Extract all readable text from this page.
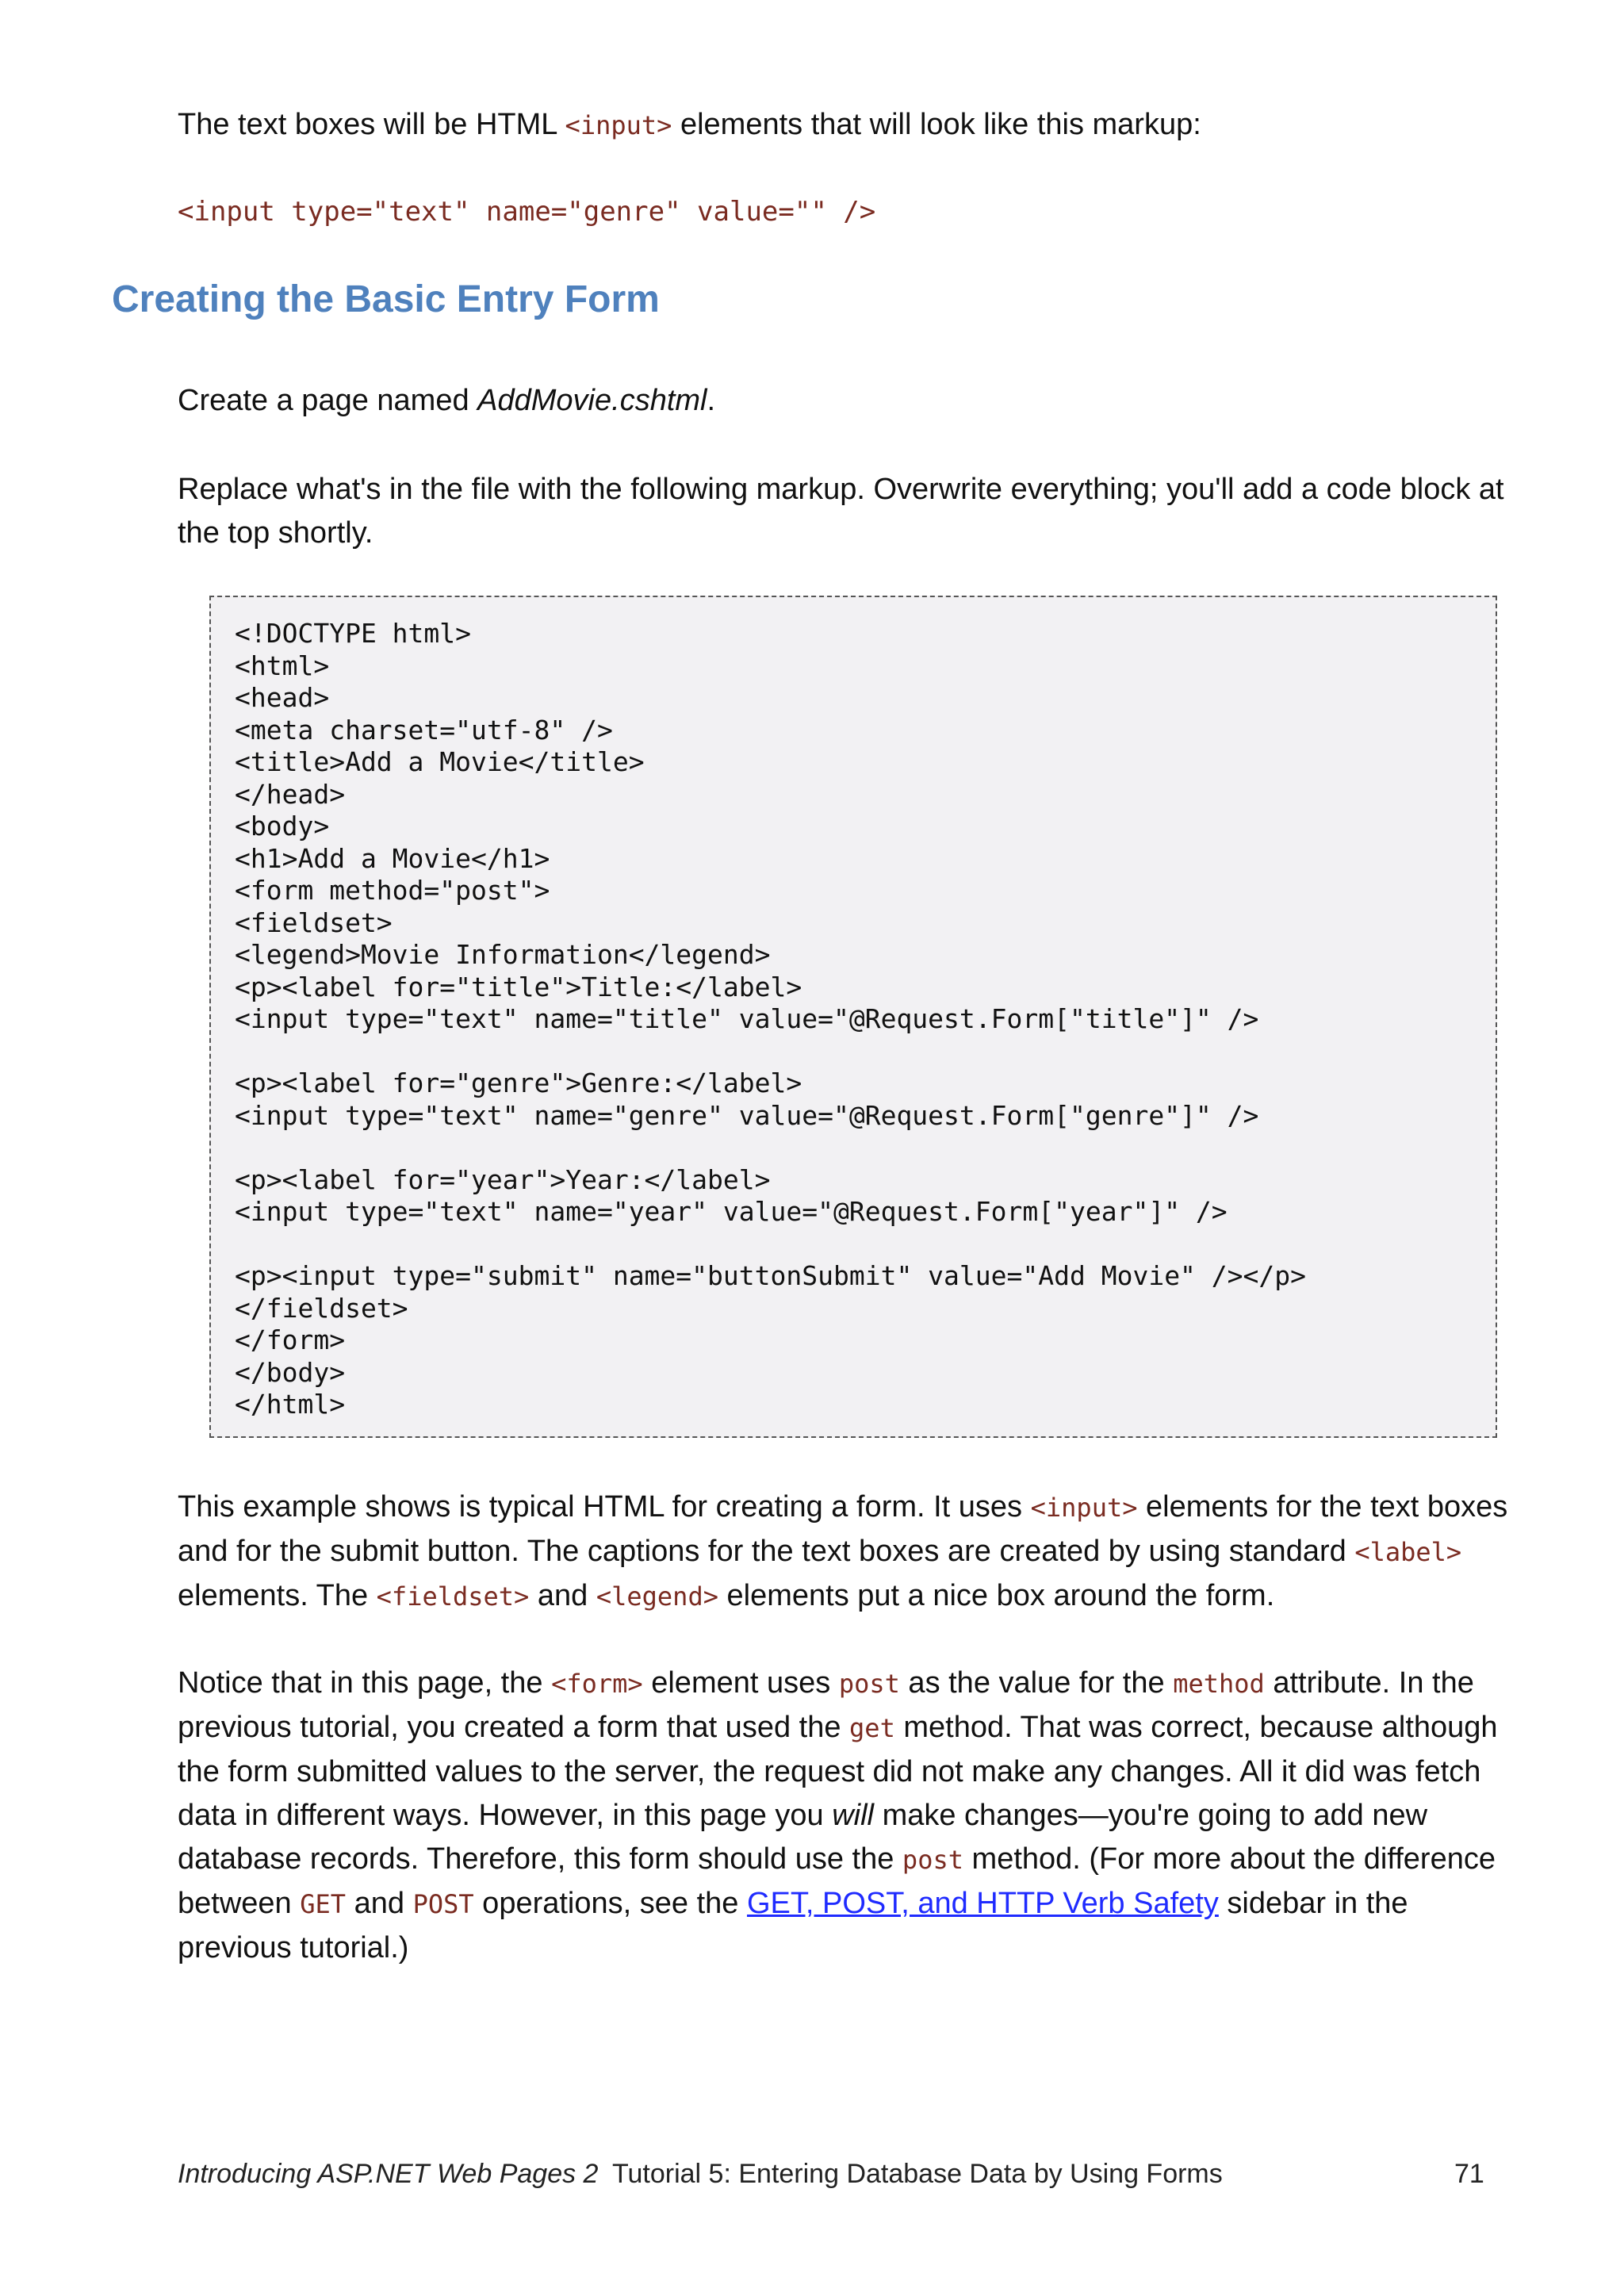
The text boxes will be HTML <input> elements that will look like this markup:

<input type="text" name="genre" value="" />
Creating the Basic Entry Form

Create a page named AddMovie.cshtml.

Replace what's in the file with the following markup. Overwrite everything; you'll add a code block at the top shortly.

<!DOCTYPE html>
<html>
<head>
<meta charset="utf-8" />
<title>Add a Movie</title>
</head>
<body>
<h1>Add a Movie</h1>
<form method="post">
<fieldset>
<legend>Movie Information</legend>
<p><label for="title">Title:</label>
<input type="text" name="title" value="@Request.Form["title"]" />

<p><label for="genre">Genre:</label>
<input type="text" name="genre" value="@Request.Form["genre"]" />

<p><label for="year">Year:</label>
<input type="text" name="year" value="@Request.Form["year"]" />

<p><input type="submit" name="buttonSubmit" value="Add Movie" /></p>
</fieldset>
</form>
</body>
</html>

This example shows is typical HTML for creating a form. It uses <input> elements for the text boxes and for the submit button. The captions for the text boxes are created by using standard <label> elements. The <fieldset> and <legend> elements put a nice box around the form.

Notice that in this page, the <form> element uses post as the value for the method attribute. In the previous tutorial, you created a form that used the get method. That was correct, because although the form submitted values to the server, the request did not make any changes. All it did was fetch data in different ways. However, in this page you will make changes—you're going to add new database records. Therefore, this form should use the post method. (For more about the difference between GET and POST operations, see the GET, POST, and HTTP Verb Safety sidebar in the previous tutorial.)

Introducing ASP.NET Web Pages 2 Tutorial 5: Entering Database Data by Using Forms	71
